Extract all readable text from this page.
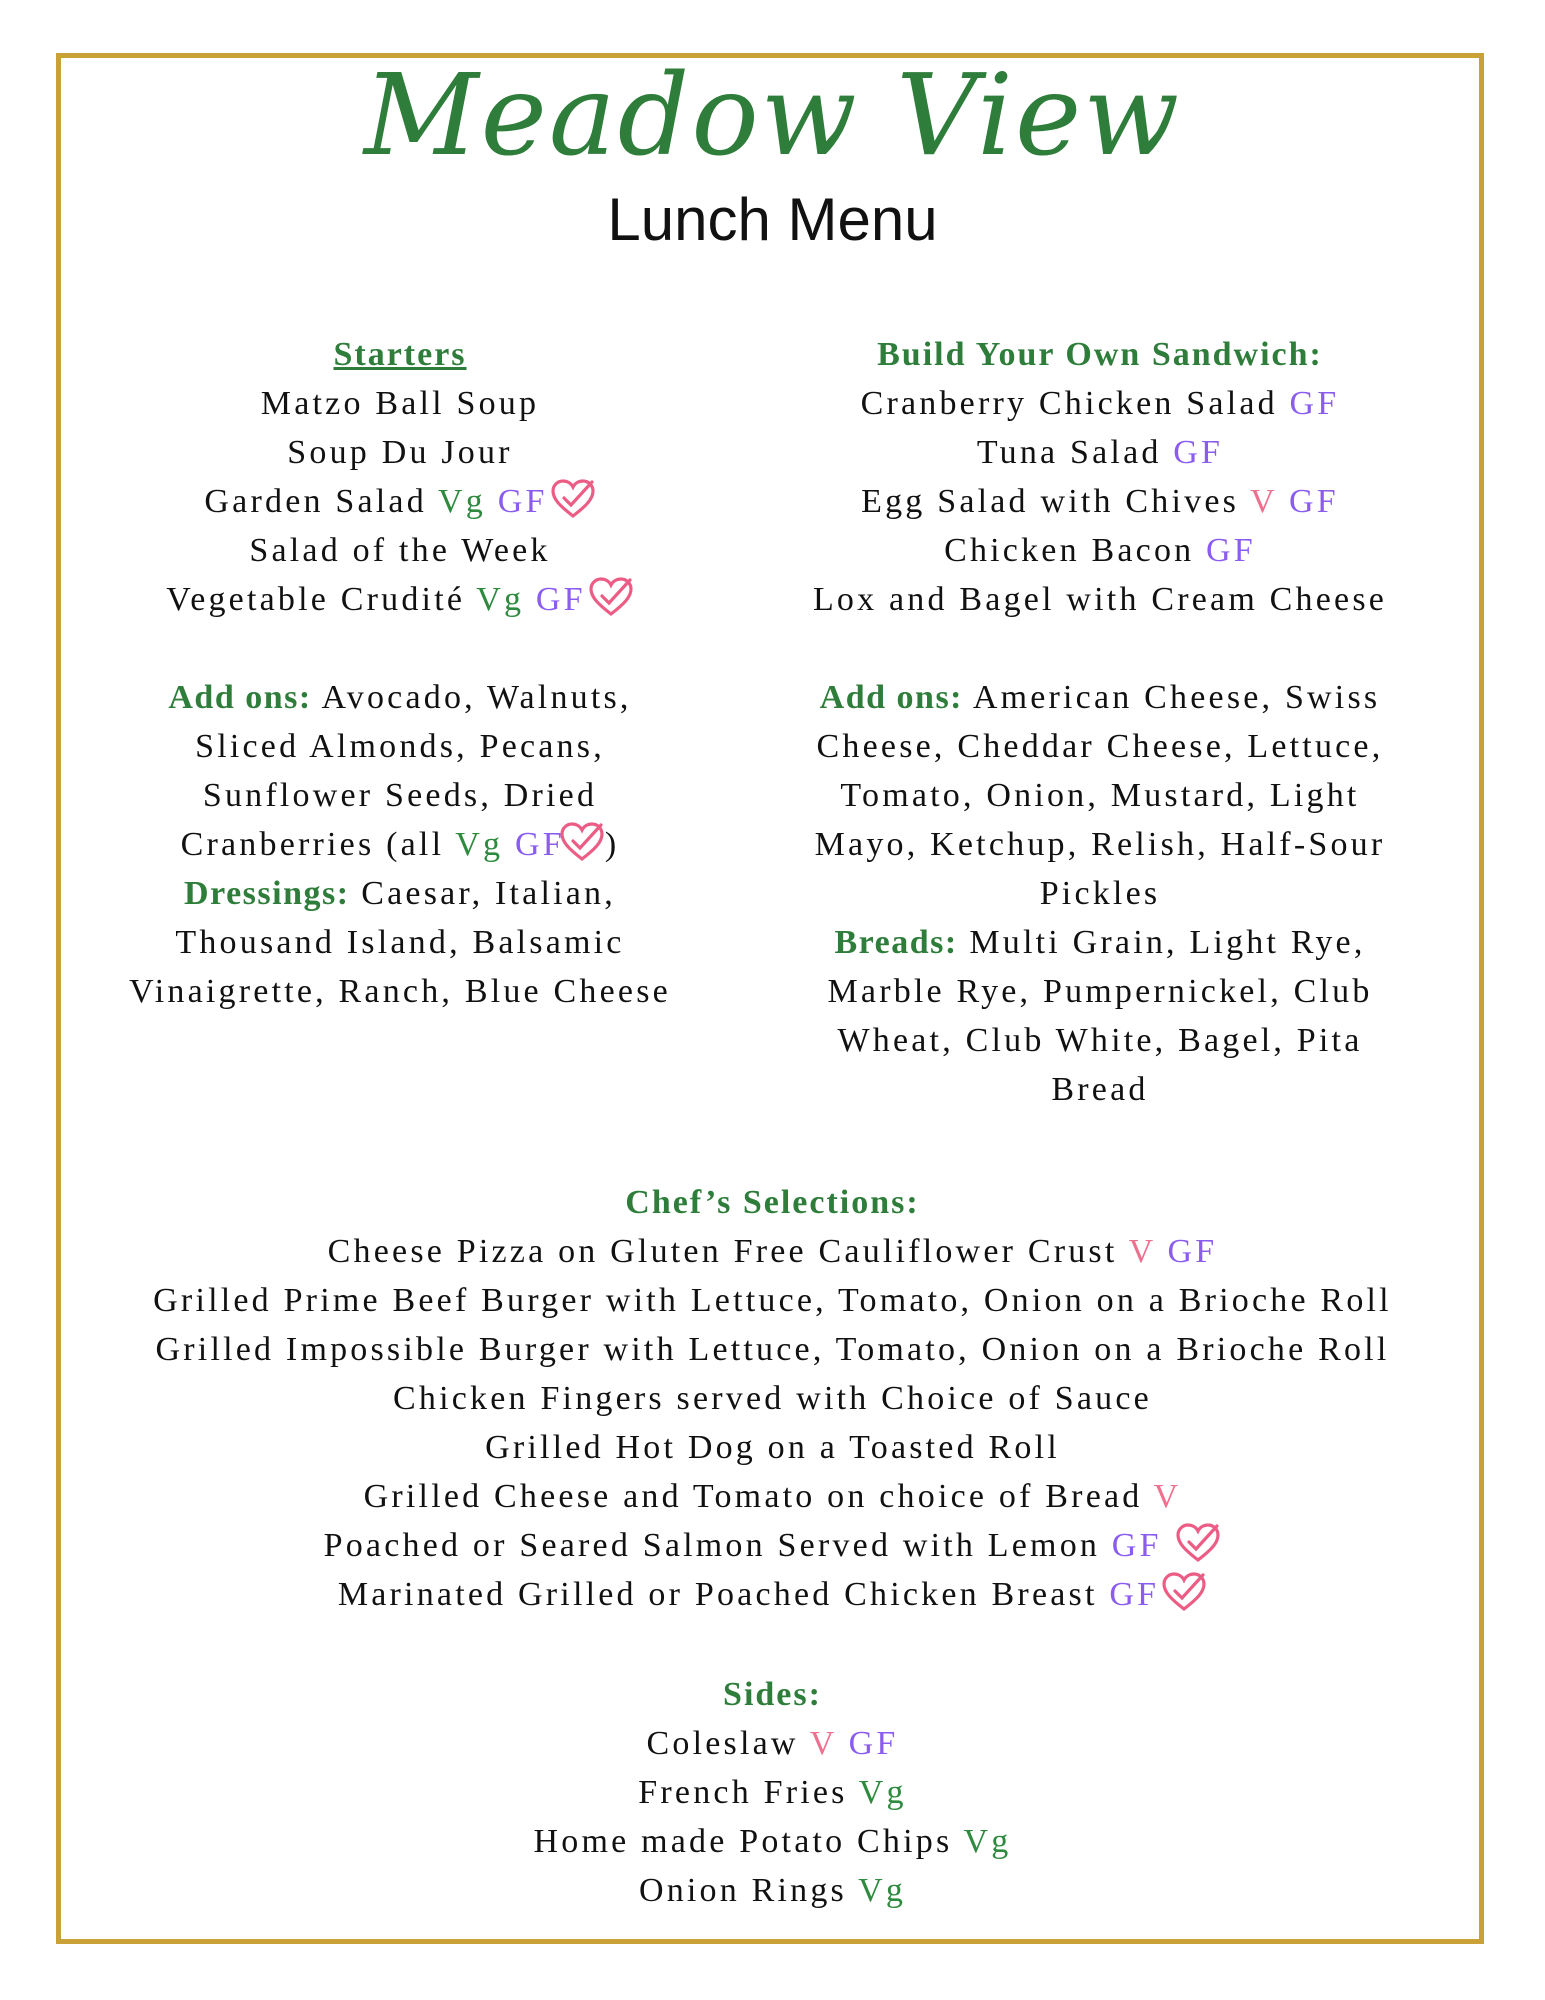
Meadow View
Lunch Menu
Starters
Matzo Ball Soup
Soup Du Jour
Garden Salad Vg GF
Salad of the Week
Vegetable Crudité Vg GF
Add ons: Avocado, Walnuts,
Sliced Almonds, Pecans,
Sunflower Seeds, Dried
Cranberries (all Vg GF )
Dressings: Caesar, Italian,
Thousand Island, Balsamic
Vinaigrette, Ranch, Blue Cheese
Build Your Own Sandwich:
Cranberry Chicken Salad GF
Tuna Salad GF
Egg Salad with Chives V GF
Chicken Bacon GF
Lox and Bagel with Cream Cheese
Add ons: American Cheese, Swiss
Cheese, Cheddar Cheese, Lettuce,
Tomato, Onion, Mustard, Light
Mayo, Ketchup, Relish, Half-Sour
Pickles
Breads: Multi Grain, Light Rye,
Marble Rye, Pumpernickel, Club
Wheat, Club White, Bagel, Pita
Bread
Chef’s Selections:
Cheese Pizza on Gluten Free Cauliflower Crust V GF
Grilled Prime Beef Burger with Lettuce, Tomato, Onion on a Brioche Roll
Grilled Impossible Burger with Lettuce, Tomato, Onion on a Brioche Roll
Chicken Fingers served with Choice of Sauce
Grilled Hot Dog on a Toasted Roll
Grilled Cheese and Tomato on choice of Bread V
Poached or Seared Salmon Served with Lemon GF
Marinated Grilled or Poached Chicken Breast GF
Sides:
Coleslaw V GF
French Fries Vg
Home made Potato Chips Vg
Onion Rings Vg
